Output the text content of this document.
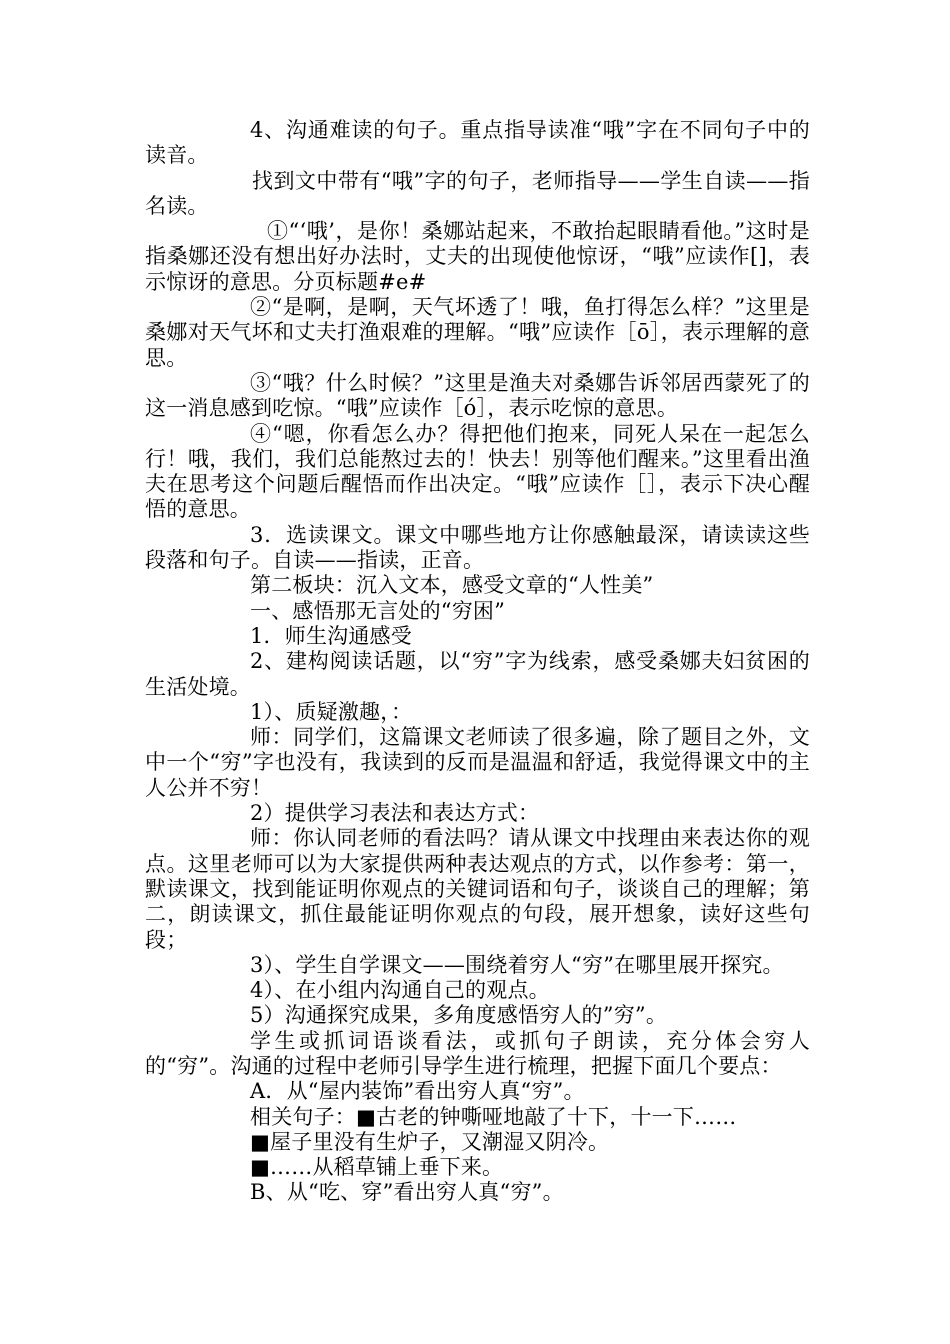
4、沟通难读的句子。重点指导读准“哦”字在不同句子中的读音。

找到文中带有“哦”字的句子，老师指导——学生自读——指名读。

①“‘哦’，是你！桑娜站起来，不敢抬起眼睛看他。”这时是指桑娜还没有想出好办法时，丈夫的出现使他惊讶，“哦”应读作[]，表示惊讶的意思。分页标题#e#

②“是啊，是啊，天气坏透了！哦，鱼打得怎么样？”这里是桑娜对天气坏和丈夫打渔艰难的理解。“哦”应读作［ō］，表示理解的意思。

③“哦？什么时候？”这里是渔夫对桑娜告诉邻居西蒙死了的这一消息感到吃惊。“哦”应读作［ó］，表示吃惊的意思。

④“嗯，你看怎么办？得把他们抱来，同死人呆在一起怎么行！哦，我们，我们总能熬过去的！快去！别等他们醒来。”这里看出渔夫在思考这个问题后醒悟而作出决定。“哦”应读作［］，表示下决心醒悟的意思。

3．选读课文。课文中哪些地方让你感触最深，请读读这些段落和句子。自读——指读，正音。

第二板块：沉入文本，感受文章的“人性美”

一、感悟那无言处的“穷困”

1．师生沟通感受

2、建构阅读话题，以“穷”字为线索，感受桑娜夫妇贫困的生活处境。

1）、质疑激趣，：

师：同学们，这篇课文老师读了很多遍，除了题目之外，文中一个“穷”字也没有，我读到的反而是温温和舒适，我觉得课文中的主人公并不穷！

2）提供学习表法和表达方式：

师：你认同老师的看法吗？请从课文中找理由来表达你的观点。这里老师可以为大家提供两种表达观点的方式，以作参考：第一，默读课文，找到能证明你观点的关键词语和句子，谈谈自己的理解；第二，朗读课文，抓住最能证明你观点的句段，展开想象，读好这些句段；

3）、学生自学课文——围绕着穷人“穷”在哪里展开探究。

4）、在小组内沟通自己的观点。

5）沟通探究成果，多角度感悟穷人的”穷”。

学生或抓词语谈看法，或抓句子朗读，充分体会穷人的“穷”。沟通的过程中老师引导学生进行梳理，把握下面几个要点：

A．从“屋内装饰”看出穷人真“穷”。

相关句子：■古老的钟嘶哑地敲了十下，十一下……

■屋子里没有生炉子，又潮湿又阴冷。

■……从稻草铺上垂下来。

B、从“吃、穿”看出穷人真“穷”。
